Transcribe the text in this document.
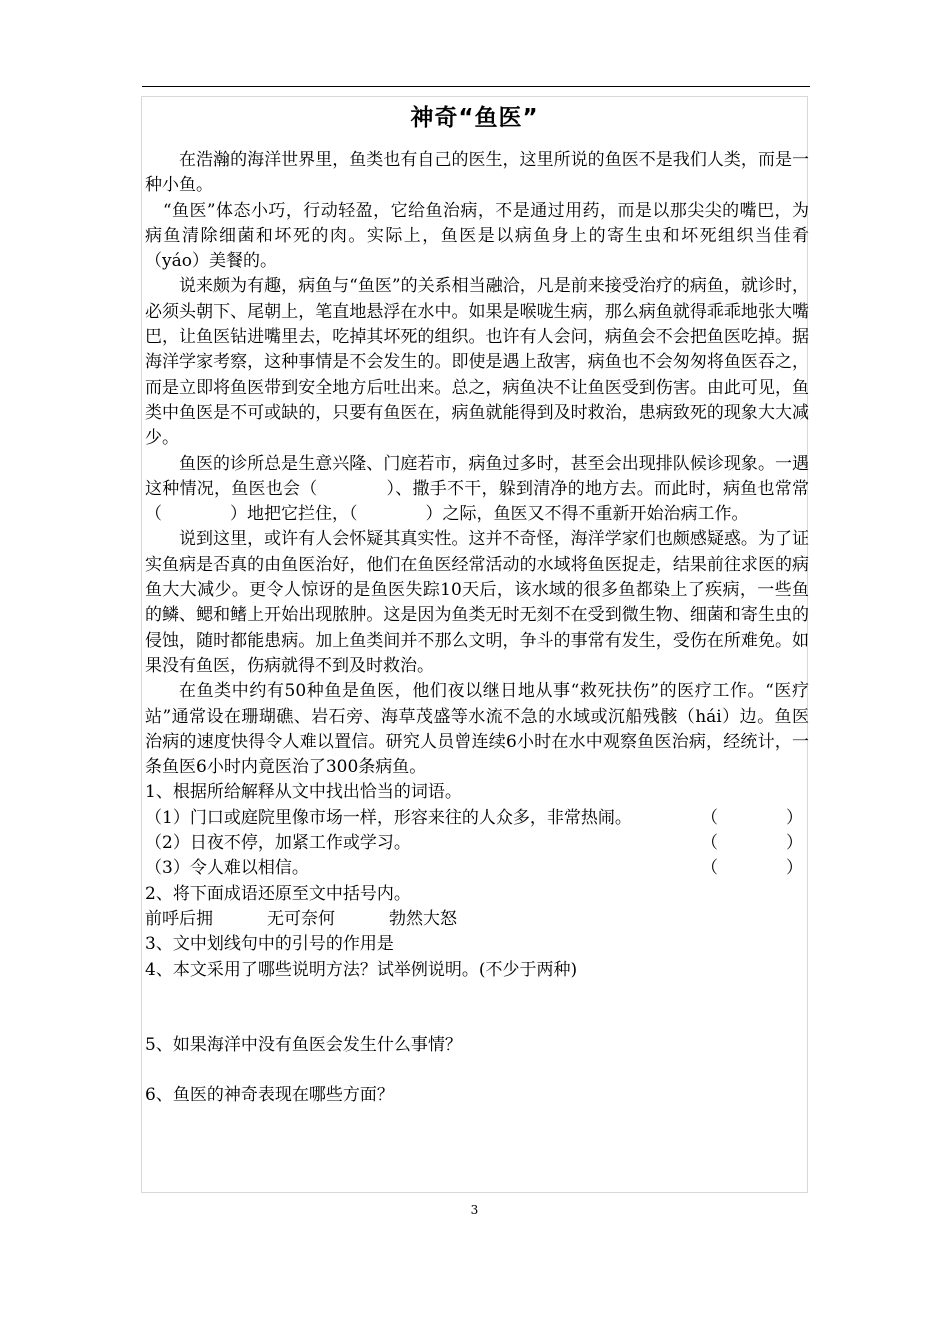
神奇“鱼医”

在浩瀚的海洋世界里，鱼类也有自己的医生，这里所说的鱼医不是我们人类，而是一种小鱼。

“鱼医”体态小巧，行动轻盈，它给鱼治病，不是通过用药，而是以那尖尖的嘴巴，为病鱼清除细菌和坏死的肉。实际上，鱼医是以病鱼身上的寄生虫和坏死组织当佳肴（yáo）美餐的。

说来颇为有趣，病鱼与“鱼医”的关系相当融洽，凡是前来接受治疗的病鱼，就诊时，必须头朝下、尾朝上，笔直地悬浮在水中。如果是喉咙生病，那么病鱼就得乖乖地张大嘴巴，让鱼医钻进嘴里去，吃掉其坏死的组织。也许有人会问，病鱼会不会把鱼医吃掉。据海洋学家考察，这种事情是不会发生的。即使是遇上敌害，病鱼也不会匆匆将鱼医吞之，而是立即将鱼医带到安全地方后吐出来。总之，病鱼决不让鱼医受到伤害。由此可见，鱼类中鱼医是不可或缺的，只要有鱼医在，病鱼就能得到及时救治，患病致死的现象大大减少。

鱼医的诊所总是生意兴隆、门庭若市，病鱼过多时，甚至会出现排队候诊现象。一遇这种情况，鱼医也会（　　　　）、撒手不干，躲到清净的地方去。而此时，病鱼也常常（　　　　）地把它拦住，（　　　　）之际，鱼医又不得不重新开始治病工作。

说到这里，或许有人会怀疑其真实性。这并不奇怪，海洋学家们也颇感疑惑。为了证实鱼病是否真的由鱼医治好，他们在鱼医经常活动的水域将鱼医捉走，结果前往求医的病鱼大大减少。更令人惊讶的是鱼医失踪10天后，该水域的很多鱼都染上了疾病，一些鱼的鳞、鳃和鳍上开始出现脓肿。这是因为鱼类无时无刻不在受到微生物、细菌和寄生虫的侵蚀，随时都能患病。加上鱼类间并不那么文明，争斗的事常有发生，受伤在所难免。如果没有鱼医，伤病就得不到及时救治。

在鱼类中约有50种鱼是鱼医，他们夜以继日地从事“救死扶伤”的医疗工作。“医疗站”通常设在珊瑚礁、岩石旁、海草茂盛等水流不急的水域或沉船残骸（hái）边。鱼医治病的速度快得令人难以置信。研究人员曾连续6小时在水中观察鱼医治病，经统计，一条鱼医6小时内竟医治了300条病鱼。

1、根据所给解释从文中找出恰当的词语。

（1）门口或庭院里像市场一样，形容来往的人众多，非常热闹。	（　　　　）

（2）日夜不停，加紧工作或学习。	（　　　　）

（3）令人难以相信。	（　　　　）

2、将下面成语还原至文中括号内。

前呼后拥	无可奈何	勃然大怒

3、文中划线句中的引号的作用是

4、本文采用了哪些说明方法？试举例说明。(不少于两种)

5、如果海洋中没有鱼医会发生什么事情？

6、鱼医的神奇表现在哪些方面？

3
